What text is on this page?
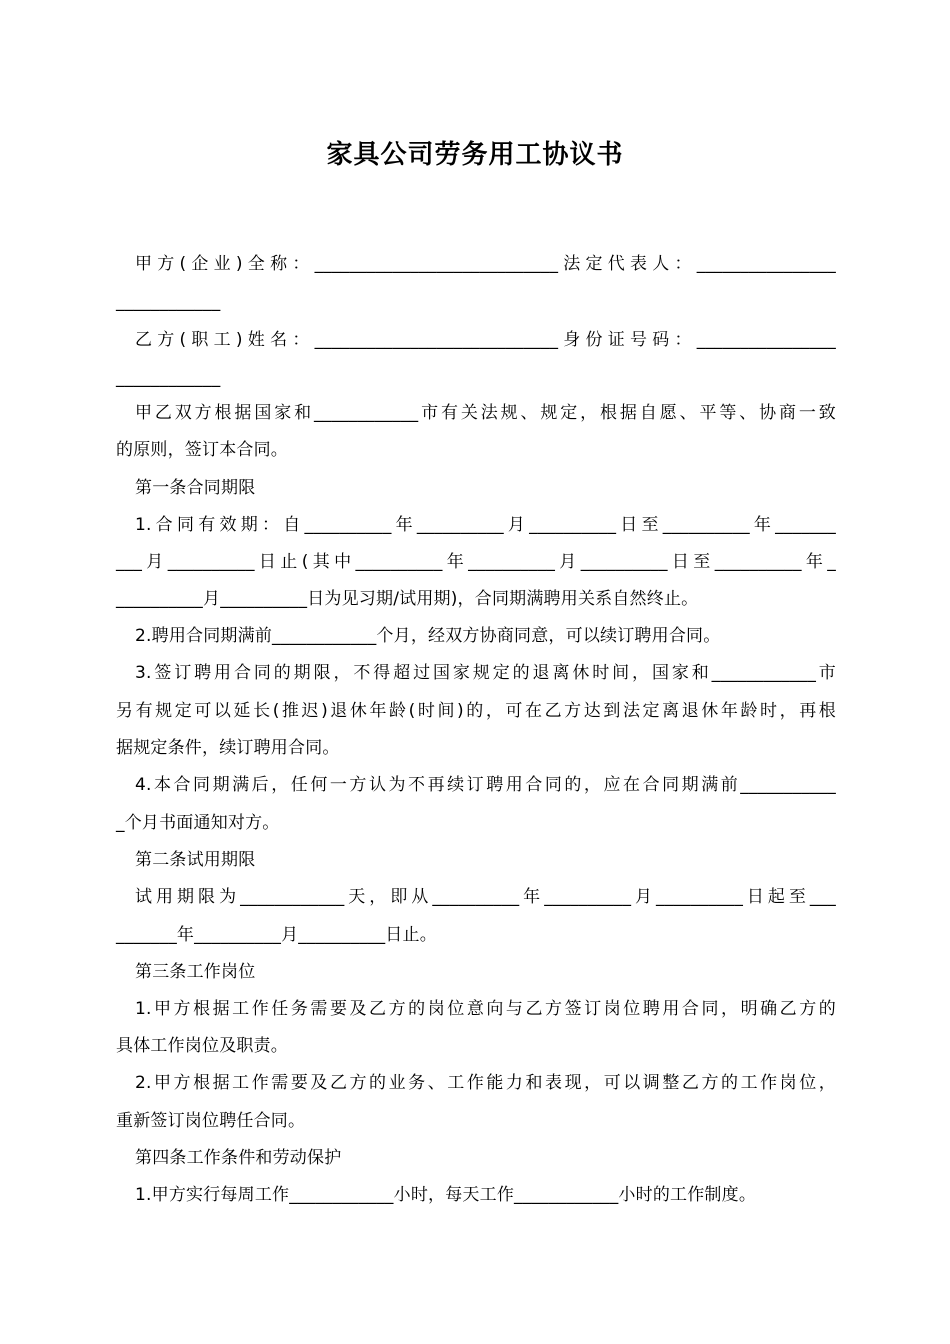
家具公司劳务用工协议书
甲方(企业)全称：____________________________法定代表人：________________
____________
乙方(职工)姓名：____________________________身份证号码：________________
____________
甲乙双方根据国家和____________市有关法规、规定，根据自愿、平等、协商一致
的原则，签订本合同。
第一条合同期限
1.合同有效期：自__________年__________月__________日至__________年_______
___月__________日止(其中__________年__________月__________日至__________年_
__________月__________日为见习期/试用期)，合同期满聘用关系自然终止。
2.聘用合同期满前____________个月，经双方协商同意，可以续订聘用合同。
3.签订聘用合同的期限，不得超过国家规定的退离休时间，国家和____________市
另有规定可以延长(推迟)退休年龄(时间)的，可在乙方达到法定离退休年龄时，再根
据规定条件，续订聘用合同。
4.本合同期满后，任何一方认为不再续订聘用合同的，应在合同期满前___________
_个月书面通知对方。
第二条试用期限
试用期限为____________天，即从__________年__________月__________日起至___
_______年__________月__________日止。
第三条工作岗位
1.甲方根据工作任务需要及乙方的岗位意向与乙方签订岗位聘用合同，明确乙方的
具体工作岗位及职责。
2.甲方根据工作需要及乙方的业务、工作能力和表现，可以调整乙方的工作岗位，
重新签订岗位聘任合同。
第四条工作条件和劳动保护
1.甲方实行每周工作____________小时，每天工作____________小时的工作制度。
